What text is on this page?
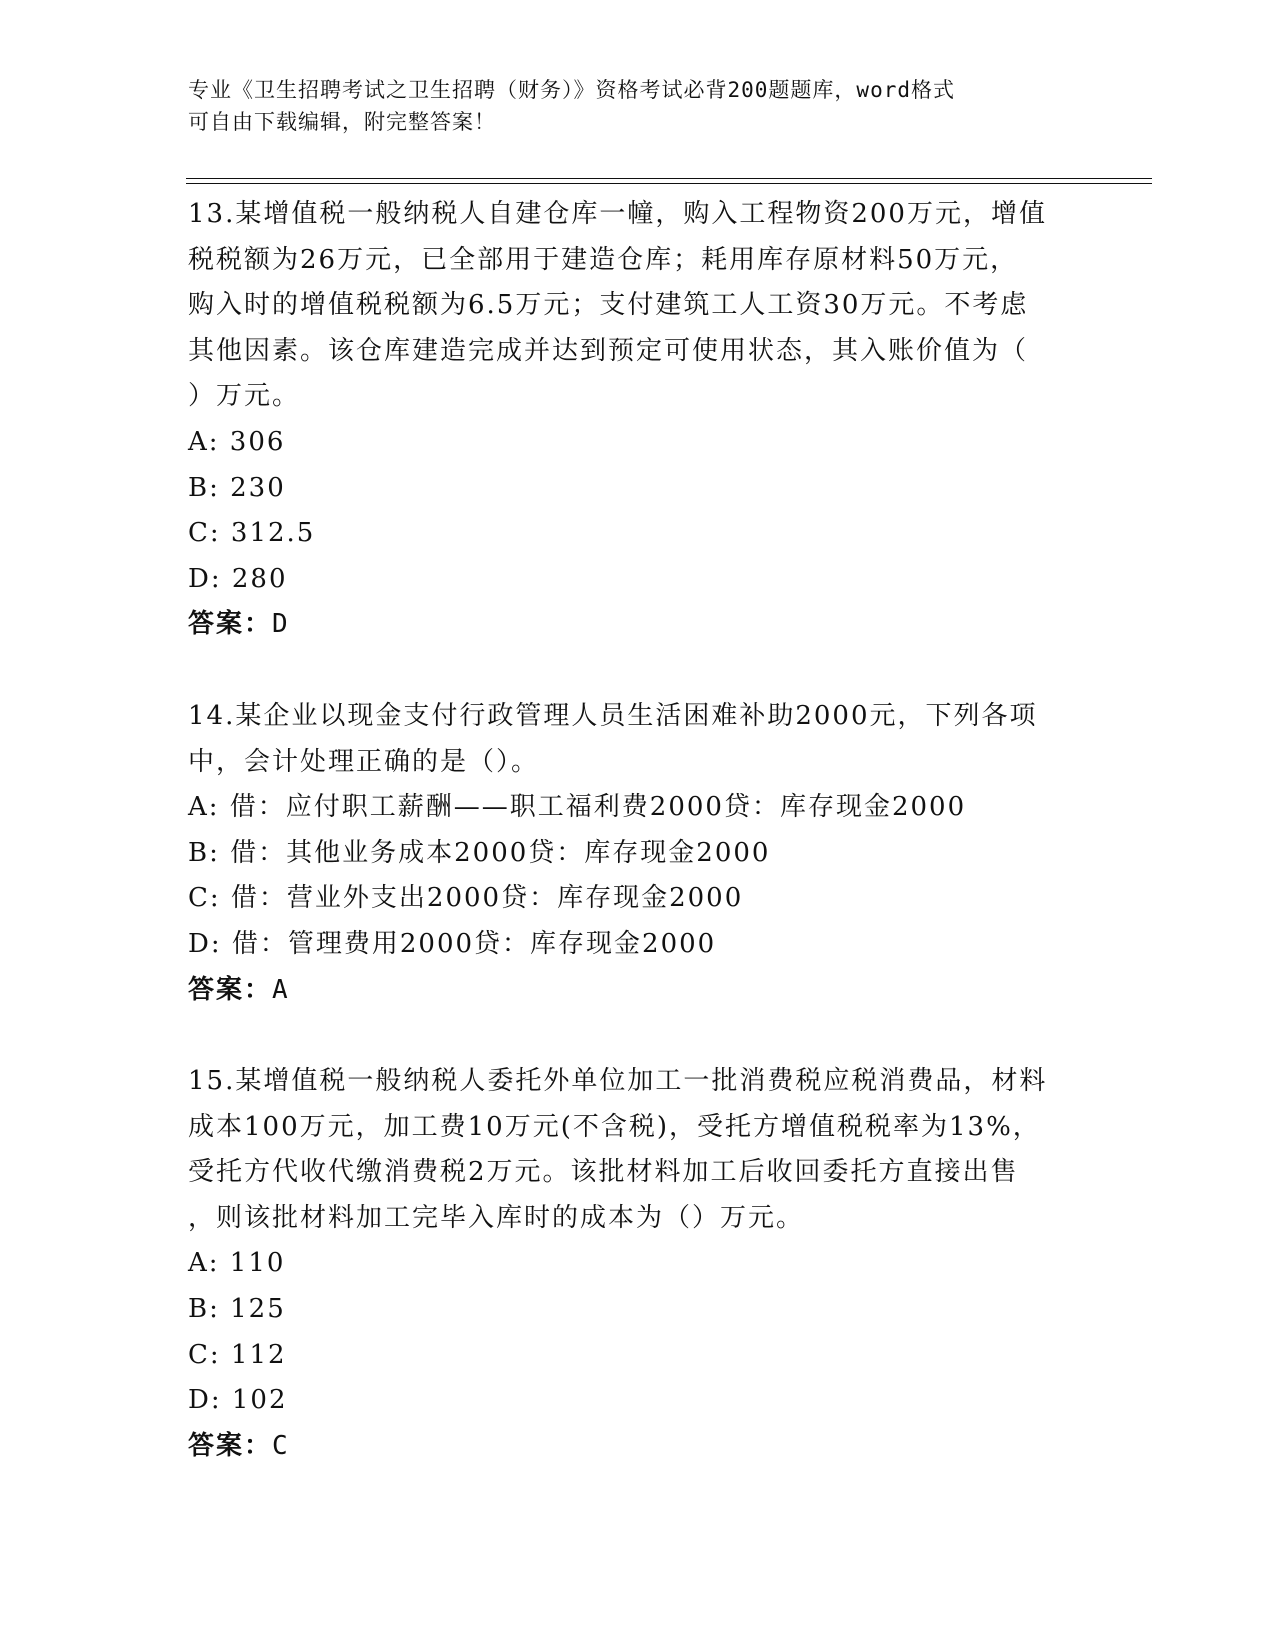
专业《卫生招聘考试之卫生招聘（财务）》资格考试必背200题题库，word格式
可自由下载编辑，附完整答案！
13.某增值税一般纳税人自建仓库一幢，购入工程物资200万元，增值
税税额为26万元，已全部用于建造仓库；耗用库存原材料50万元，
购入时的增值税税额为6.5万元；支付建筑工人工资30万元。不考虑
其他因素。该仓库建造完成并达到预定可使用状态，其入账价值为（
）万元。
A: 306
B: 230
C: 312.5
D: 280
答案：D
14.某企业以现金支付行政管理人员生活困难补助2000元，下列各项
中，会计处理正确的是（）。
A: 借：应付职工薪酬——职工福利费2000贷：库存现金2000
B: 借：其他业务成本2000贷：库存现金2000
C: 借：营业外支出2000贷：库存现金2000
D: 借：管理费用2000贷：库存现金2000
答案：A
15.某增值税一般纳税人委托外单位加工一批消费税应税消费品，材料
成本100万元，加工费10万元(不含税)，受托方增值税税率为13%，
受托方代收代缴消费税2万元。该批材料加工后收回委托方直接出售
，则该批材料加工完毕入库时的成本为（）万元。
A: 110
B: 125
C: 112
D: 102
答案：C
